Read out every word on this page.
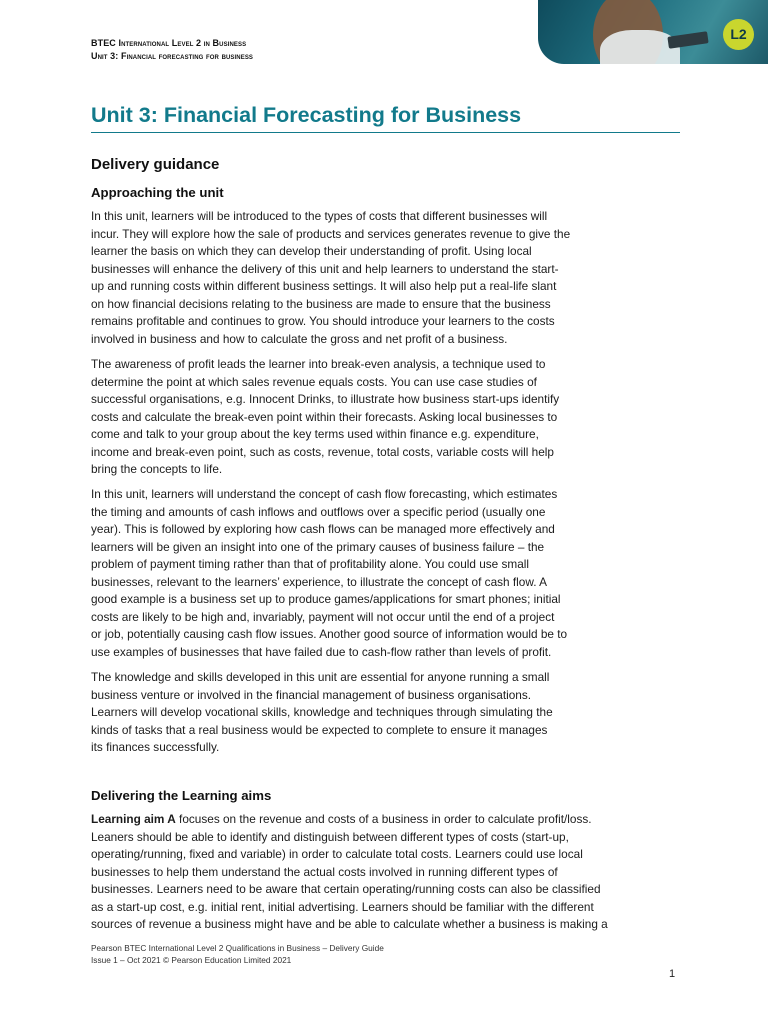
BTEC International Level 2 in Business
Unit 3: Financial forecasting for business
L2
Unit 3: Financial Forecasting for Business
Delivery guidance
Approaching the unit
In this unit, learners will be introduced to the types of costs that different businesses will
incur. They will explore how the sale of products and services generates revenue to give the
learner the basis on which they can develop their understanding of profit. Using local
businesses will enhance the delivery of this unit and help learners to understand the start-
up and running costs within different business settings. It will also help put a real-life slant
on how financial decisions relating to the business are made to ensure that the business
remains profitable and continues to grow. You should introduce your learners to the costs
involved in business and how to calculate the gross and net profit of a business.
The awareness of profit leads the learner into break-even analysis, a technique used to
determine the point at which sales revenue equals costs. You can use case studies of
successful organisations, e.g. Innocent Drinks, to illustrate how business start-ups identify
costs and calculate the break-even point within their forecasts. Asking local businesses to
come and talk to your group about the key terms used within finance e.g. expenditure,
income and break-even point, such as costs, revenue, total costs, variable costs will help
bring the concepts to life.
In this unit, learners will understand the concept of cash flow forecasting, which estimates
the timing and amounts of cash inflows and outflows over a specific period (usually one
year). This is followed by exploring how cash flows can be managed more effectively and
learners will be given an insight into one of the primary causes of business failure – the
problem of payment timing rather than that of profitability alone. You could use small
businesses, relevant to the learners’ experience, to illustrate the concept of cash flow. A
good example is a business set up to produce games/applications for smart phones; initial
costs are likely to be high and, invariably, payment will not occur until the end of a project
or job, potentially causing cash flow issues. Another good source of information would be to
use examples of businesses that have failed due to cash-flow rather than levels of profit.
The knowledge and skills developed in this unit are essential for anyone running a small
business venture or involved in the financial management of business organisations.
Learners will develop vocational skills, knowledge and techniques through simulating the
kinds of tasks that a real business would be expected to complete to ensure it manages
its finances successfully.
Delivering the Learning aims
Learning aim A focuses on the revenue and costs of a business in order to calculate profit/loss.
Leaners should be able to identify and distinguish between different types of costs (start-up,
operating/running, fixed and variable) in order to calculate total costs. Learners could use local
businesses to help them understand the actual costs involved in running different types of
businesses. Learners need to be aware that certain operating/running costs can also be classified
as a start-up cost, e.g. initial rent, initial advertising. Learners should be familiar with the different
sources of revenue a business might have and be able to calculate whether a business is making a
Pearson BTEC International Level 2 Qualifications in Business – Delivery Guide
Issue 1 – Oct 2021 © Pearson Education Limited 2021
1
